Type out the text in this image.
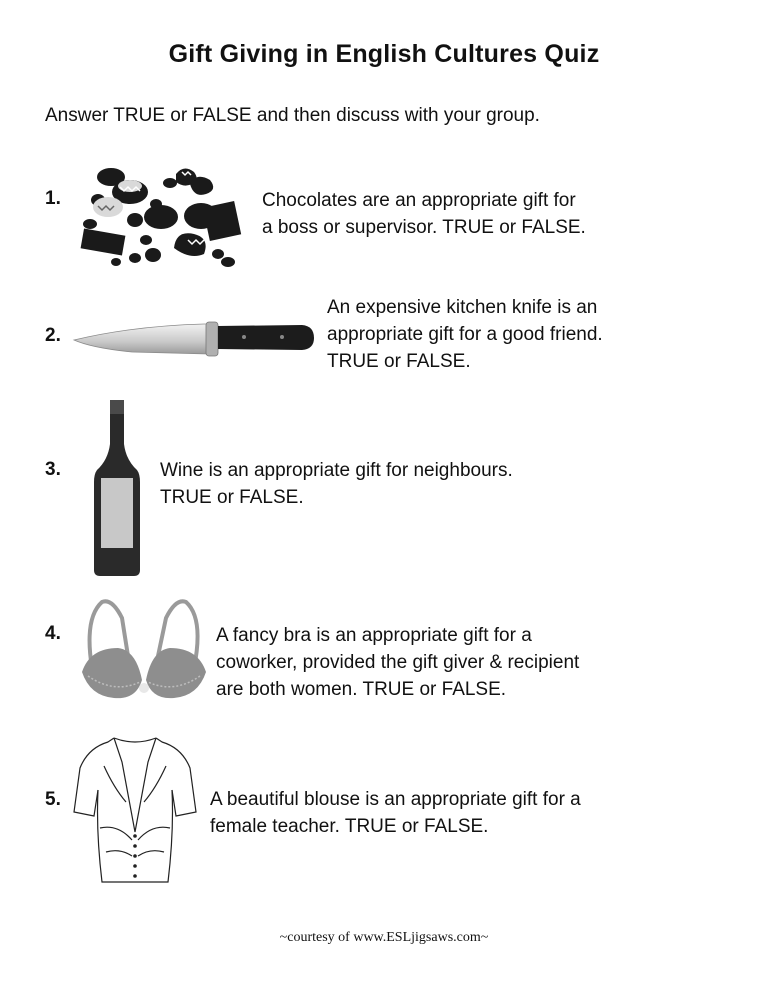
Gift Giving in English Cultures Quiz
Answer TRUE or FALSE and then discuss with your group.
1.	Chocolates are an appropriate gift for
a boss or supervisor. TRUE or FALSE.
2.
An expensive kitchen knife is an
appropriate gift for a good friend.
TRUE or FALSE.
3.	Wine is an appropriate gift for neighbours.
TRUE or FALSE.
4.	A fancy bra is an appropriate gift for a
coworker, provided the gift giver & recipient
are both women. TRUE or FALSE.
5.	A beautiful blouse is an appropriate gift for a
female teacher. TRUE or FALSE.
~courtesy of www.ESLjigsaws.com~
